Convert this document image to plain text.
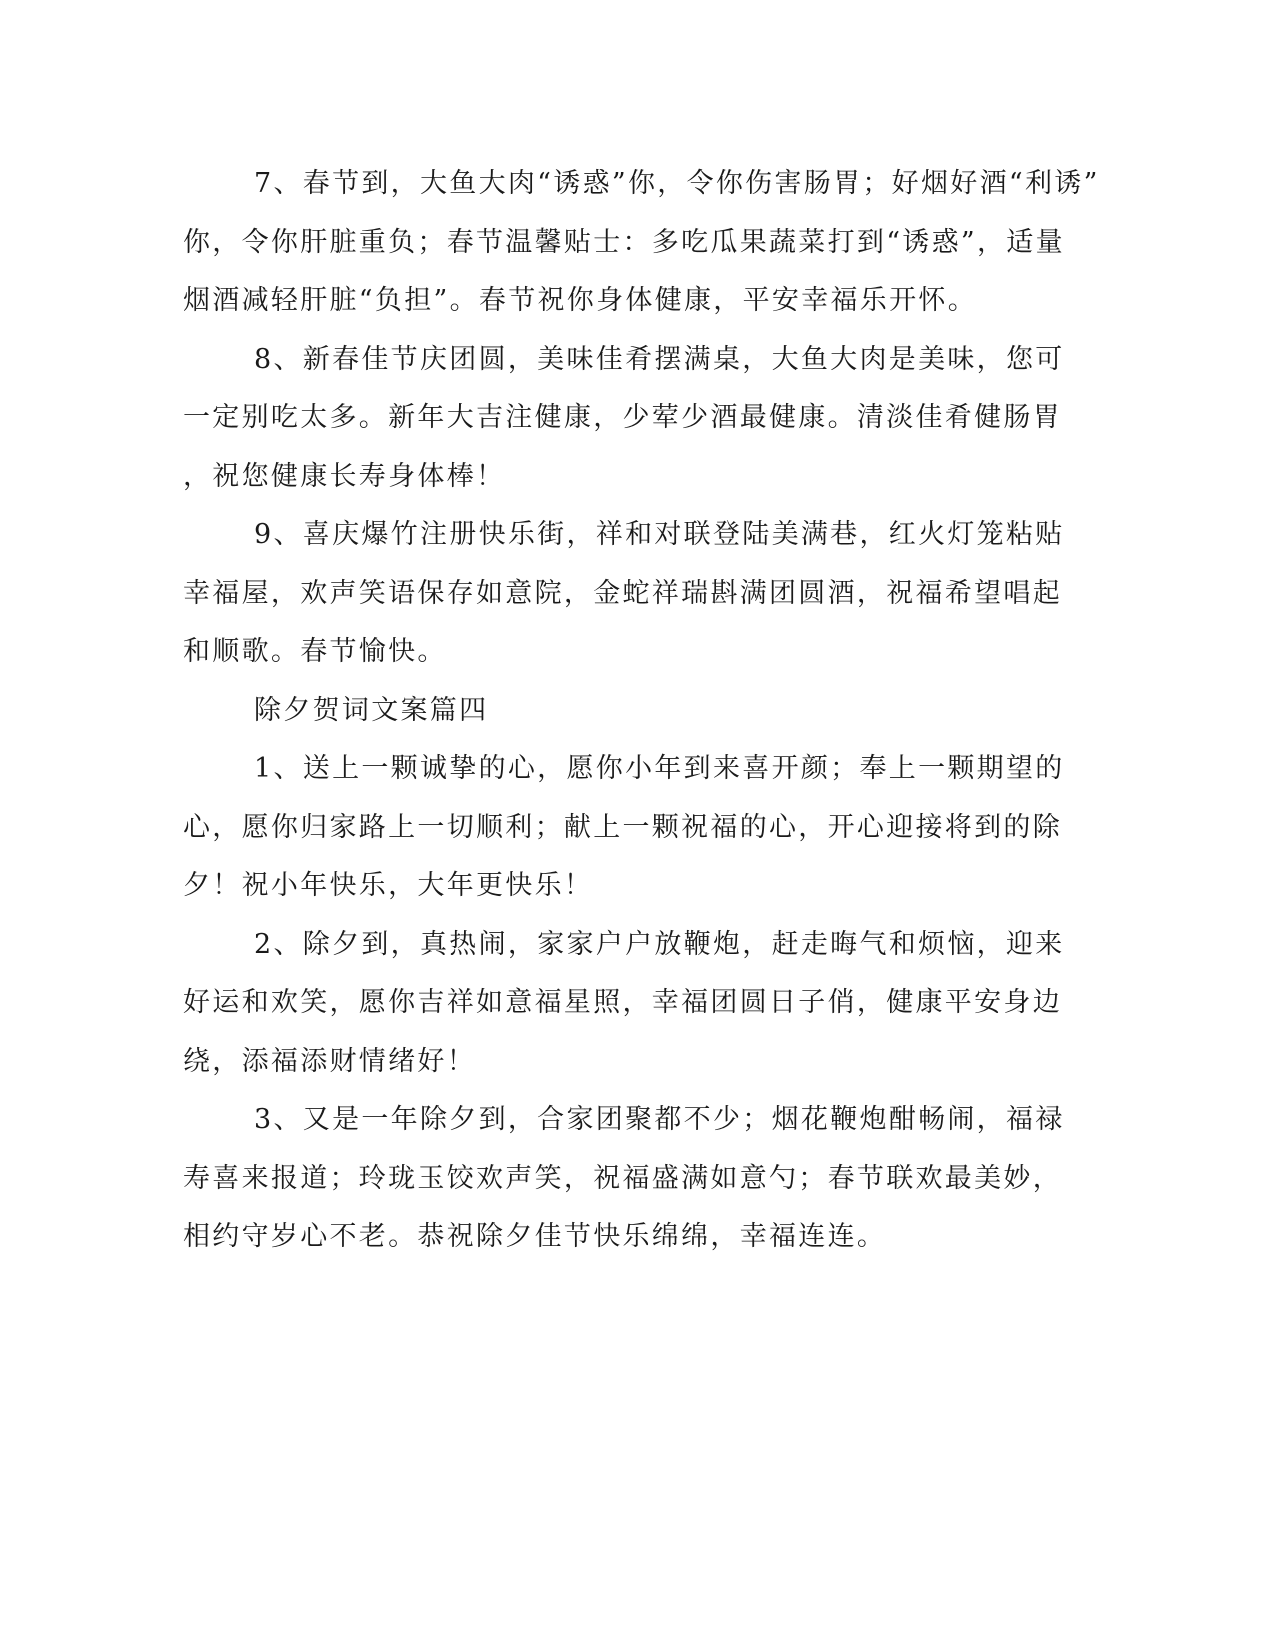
7、春节到，大鱼大肉“诱惑”你，令你伤害肠胃；好烟好酒“利诱”
你，令你肝脏重负；春节温馨贴士：多吃瓜果蔬菜打到“诱惑”，适量
烟酒减轻肝脏“负担”。春节祝你身体健康，平安幸福乐开怀。

8、新春佳节庆团圆，美味佳肴摆满桌，大鱼大肉是美味，您可
一定别吃太多。新年大吉注健康，少荤少酒最健康。清淡佳肴健肠胃
，祝您健康长寿身体棒！

9、喜庆爆竹注册快乐街，祥和对联登陆美满巷，红火灯笼粘贴
幸福屋，欢声笑语保存如意院，金蛇祥瑞斟满团圆酒，祝福希望唱起
和顺歌。春节愉快。

除夕贺词文案篇四

1、送上一颗诚挚的心，愿你小年到来喜开颜；奉上一颗期望的
心，愿你归家路上一切顺利；献上一颗祝福的心，开心迎接将到的除
夕！祝小年快乐，大年更快乐！

2、除夕到，真热闹，家家户户放鞭炮，赶走晦气和烦恼，迎来
好运和欢笑，愿你吉祥如意福星照，幸福团圆日子俏，健康平安身边
绕，添福添财情绪好！

3、又是一年除夕到，合家团聚都不少；烟花鞭炮酣畅闹，福禄
寿喜来报道；玲珑玉饺欢声笑，祝福盛满如意勺；春节联欢最美妙，
相约守岁心不老。恭祝除夕佳节快乐绵绵，幸福连连。
